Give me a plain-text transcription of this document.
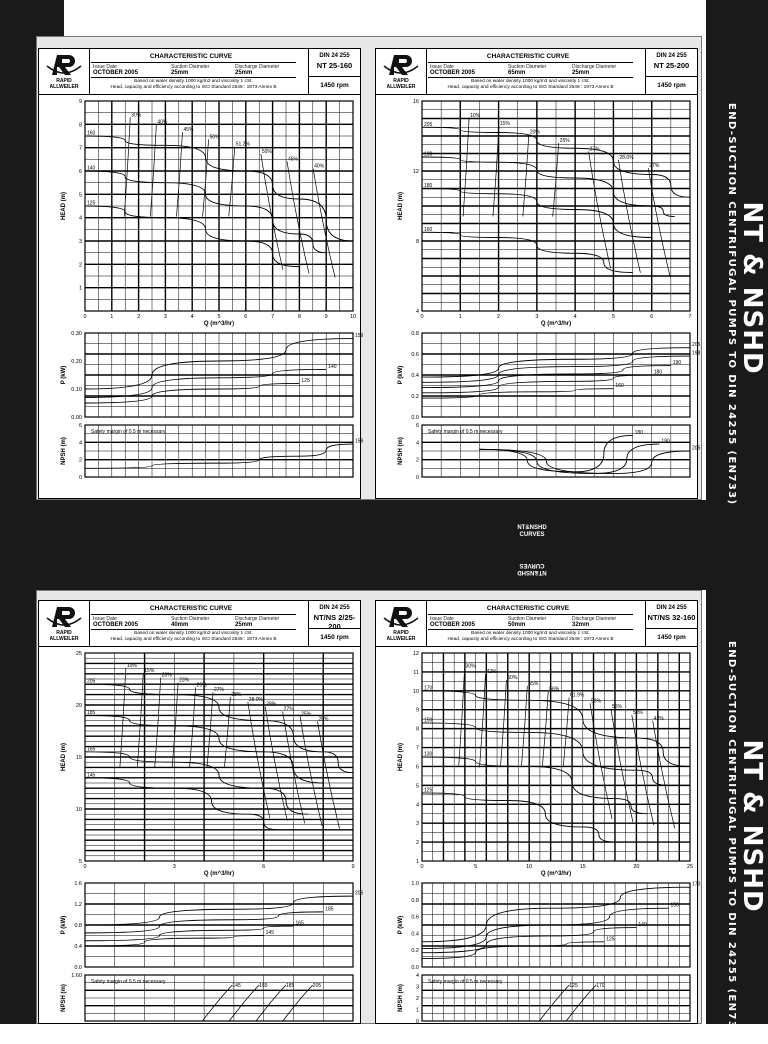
NT & NSHD
END-SUCTION CENTRIFUGAL PUMPS TO DIN 24255 (EN733)
NT & NSHD
END-SUCTION CENTRIFUGAL PUMPS TO DIN 24255 (EN733)
NT&NSHD
CURVES
NT&NSHD
CURVES
RAPID
ALLWEILER
CHARACTERISTIC CURVE
Issue Date
OCTOBER 2005
Suction Diameter
25mm
Discharge Diameter
25mm
Based on water density 1000 kg/m3 and viscosity 1 cSt.
Head, capacity and efficiency according to ISO Standard 2548 : 1973 Annex B
DIN 24 255
NT 25-160
1450 rpm
1
2
3
4
5
6
7
8
9
0	1	2	3	4	5	6	7	8	9	10
HEAD (m)
160
140
125
30%
40%
45%
50%
51.2%
50%
45%
40%
Q (m^3/hr)
0.00
0.10
0.20
0.30
P (kW)
159
140
125
0
2
4
6
NPSH (m)	159
Safety margin of 0.5 m necessary
RAPID
ALLWEILER
CHARACTERISTIC CURVE
Issue Date
OCTOBER 2005
Suction Diameter
65mm
Discharge Diameter
25mm
Based on water density 1000 kg/m3 and viscosity 1 cSt.
Head, capacity and efficiency according to ISO Standard 2548 : 1973 Annex B
DIN 24 255
NT 25-200
1450 rpm
4
8
12
16
0	1	2	3	4	5	6	7
HEAD (m)
205
198
180
160
10%
15%
20%
25%
27%
28.0%
27%
Q (m^3/hr)
0.0
0.2
0.4
0.6
0.8
P (kW)
205
198
190
180
160
0
2
4
6
NPSH (m)
180
190
205
Safety margin of 0.5 m necessary
RAPID
ALLWEILER
CHARACTERISTIC CURVE
Issue Date
OCTOBER 2005
Suction Diameter
40mm
Discharge Diameter
25mm
Based on water density 1000 kg/m3 and viscosity 1 cSt.
Head, capacity and efficiency according to ISO Standard 2548 : 1973 Annex B
DIN 24 255
NT/NS 2/25-200
1450 rpm
5
10
15
20
25
0	3	6	9
HEAD (m)
205
185
165
145
10%
15%
20%
23%
25%
27%
28%
28.0%
28%
27%
25%
20%
Q (m^3/hr)
0.0
0.4
0.8
1.2
1.6
P (kW)
205
185
165
145
1.60
NPSH (m)
Safety margin of 0.5 m necessary
145	165	185	205
RAPID
ALLWEILER
CHARACTERISTIC CURVE
Issue Date
OCTOBER 2005
Suction Diameter
50mm
Discharge Diameter
32mm
Based on water density 1000 kg/m3 and viscosity 1 cSt.
Head, capacity and efficiency according to ISO Standard 2548 : 1973 Annex B
DIN 24 255
NT/NS 32-160
1450 rpm
1
2
3
4
5
6
7
8
9
10
11
12
0	5	10	15	20	25
HEAD (m)
170
150
130
125
30%
42%
50%
55%
56%
61.9%
58%
55%
50%
42%
Q (m^3/hr)
0.0
0.2
0.4
0.6
0.8
1.0
P (kW)
170
150
140
125
0
1
2
3
4
NPSH (m)
Safety margin of 0.5 m necessary
125	170
